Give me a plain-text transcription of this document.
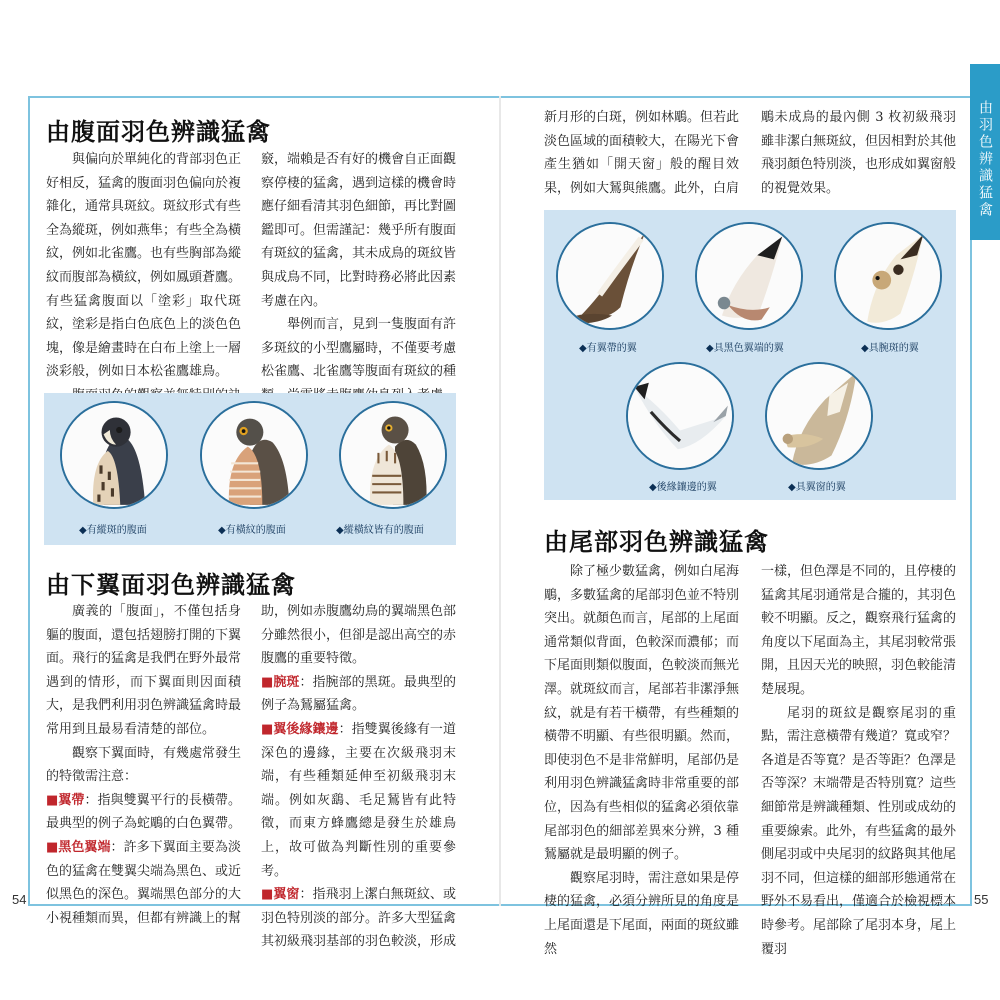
由羽色辨識猛禽
54	55
由腹面羽色辨識猛禽

與偏向於單純化的背部羽色正好相反，猛禽的腹面羽色偏向於複雜化，通常具斑紋。斑紋形式有些全為縱斑，例如燕隼；有些全為橫紋，例如北雀鷹。也有些胸部為縱紋而腹部為橫紋，例如鳳頭蒼鷹。有些猛禽腹面以「塗彩」取代斑紋，塗彩是指白色底色上的淡色色塊，像是繪畫時在白布上塗上一層淡彩般，例如日本松雀鷹雄鳥。

竅，端賴是否有好的機會自正面觀察停棲的猛禽，遇到這樣的機會時應仔細看清其羽色細節，再比對圖鑑即可。但需謹記：幾乎所有腹面有斑紋的猛禽，其未成鳥的斑紋皆與成鳥不同，比對時務必將此因素考慮在內。

舉例而言，見到一隻腹面有許多斑紋的小型鷹屬時，不僅要考慮松雀鷹、北雀鷹等腹面有斑紋的種

◆有縱斑的腹面	◆有橫紋的腹面	◆縱橫紋皆有的腹面
由下翼面羽色辨識猛禽

廣義的「腹面」，不僅包括身軀的腹面，還包括翅膀打開的下翼面。飛行的猛禽是我們在野外最常遇到的情形，而下翼面則因面積大，是我們利用羽色辨識猛禽時最常用到且最易看清楚的部位。

觀察下翼面時，有幾處常發生的特徵需注意：

■翼帶：指與雙翼平行的長橫帶。最典型的例子為蛇鵰的白色翼帶。

■黑色翼端：許多下翼面主要為淡色的猛禽在雙翼尖端為黑色、或近似黑色的深色。翼端黑色部分的大小視種類而異，但都有辨識上的幫

助，例如赤腹鷹幼鳥的翼端黑色部分雖然很小，但卻是認出高空的赤腹鷹的重要特徵。

■腕斑：指腕部的黑斑。最典型的例子為鵟屬猛禽。

■翼後緣鑲邊：指雙翼後緣有一道深色的邊緣，主要在次級飛羽末端，有些種類延伸至初級飛羽末端。例如灰鷂、毛足鵟皆有此特徵，而東方蜂鷹總是發生於雄鳥上，故可做為判斷性別的重要參考。

■翼窗：指飛羽上潔白無斑紋、或羽色特別淡的部分。許多大型猛禽其初級飛羽基部的羽色較淡，形成

新月形的白斑，例如林鵰。但若此淡色區域的面積較大，在陽光下會產生猶如「開天窗」般的醒目效果，例如大鵟與熊鷹。此外，白肩

鵰未成鳥的最內側 3 枚初級飛羽雖非潔白無斑紋，但因相對於其他飛羽顏色特別淡，也形成如翼窗般的視覺效果。

◆有翼帶的翼	◆具黑色翼端的翼	◆具腕斑的翼
◆後緣鑲邊的翼	◆具翼窗的翼
由尾部羽色辨識猛禽

除了極少數猛禽，例如白尾海鵰，多數猛禽的尾部羽色並不特別突出。就顏色而言，尾部的上尾面通常類似背面，色較深而濃郁；而下尾面則類似腹面，色較淡而無光澤。就斑紋而言，尾部若非潔淨無紋，就是有若干橫帶，有些種類的橫帶不明顯、有些很明顯。然而，即使羽色不是非常鮮明，尾部仍是利用羽色辨識猛禽時非常重要的部位，因為有些相似的猛禽必須依靠尾部羽色的細部差異來分辨，3 種鵟屬就是最明顯的例子。

觀察尾羽時，需注意如果是停棲的猛禽，必須分辨所見的角度是上尾面還是下尾面，兩面的斑紋雖然

一樣，但色澤是不同的，且停棲的猛禽其尾羽通常是合攏的，其羽色較不明顯。反之，觀察飛行猛禽的角度以下尾面為主，其尾羽較常張開，且因天光的映照，羽色較能清楚展現。

尾羽的斑紋是觀察尾羽的重點，需注意橫帶有幾道？寬或窄？各道是否等寬？是否等距？色澤是否等深？末端帶是否特別寬？這些細節常是辨識種類、性別或成幼的重要線索。此外，有些猛禽的最外側尾羽或中央尾羽的紋路與其他尾羽不同，但這樣的細部形態通常在野外不易看出，僅適合於檢視標本時參考。尾部除了尾羽本身，尾上覆羽
